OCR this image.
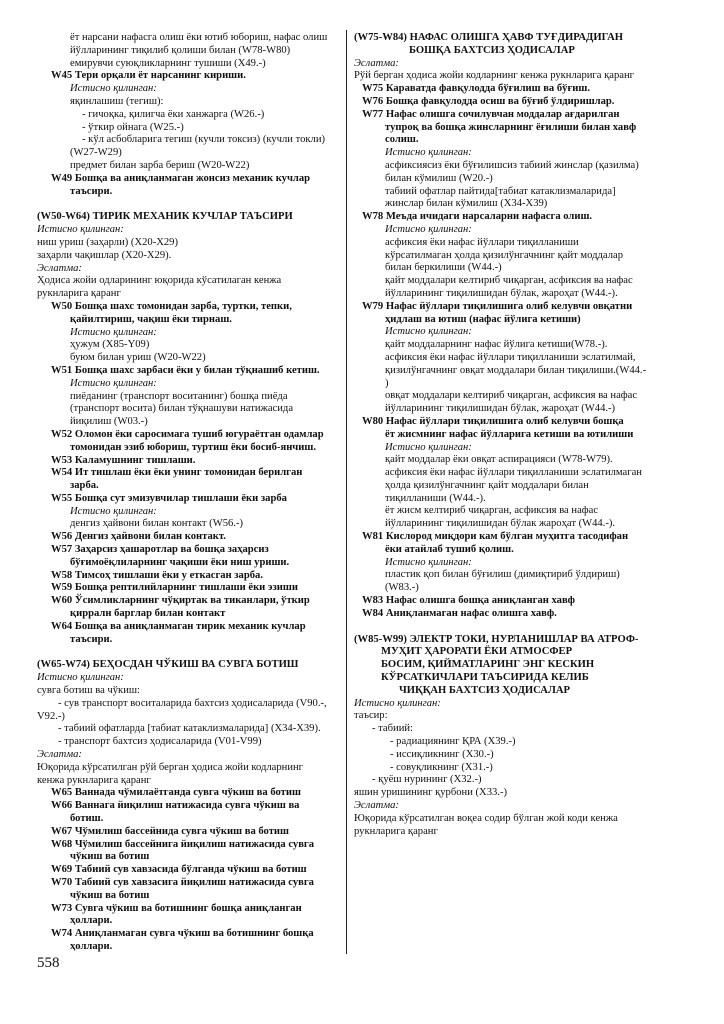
ёт нарсани нафасга олиш ёки ютиб юбориш, нафас олиш
йўлларининг тиқилиб қолиши билан (W78-W80)
емирувчи суюқликларнинг тушиши (X49.-)
W45 Тери орқали ёт нарсанинг кириши.
Истисно қилинган:
яқинлашиш (тегиш):
- гичоқка, қилигча ёки ханжарга (W26.-)
- ўткир ойнага (W25.-)
- кўл асбобларига тегиш (кучли токсиз) (кучли токли)
(W27-W29)
предмет билан зарба бериш (W20-W22)
W49 Бошқа ва аниқланмаган жонсиз механик кучлар
таъсири.
(W50-W64) ТИРИК МЕХАНИК КУЧЛАР ТАЪСИРИ
Истисно қилинган:
ниш уриш (заҳарли) (X20-X29)
заҳарли чақишлар (X20-X29).
Эслатма:
Ҳодиса жойи одларининг юқорида кўсатилаган кенжа
рукнларига қаранг
W50 Бошқа шахс томонидан зарба, туртки, тепки,
қайилтириш, чақиш ёки тирнаш.
Истисно қилинган:
ҳужум (X85-Y09)
буюм билан уриш (W20-W22)
W51 Бошқа шахс зарбаси ёки у билан тўқнашиб кетиш.
Истисно қилинган:
пиёданинг (транспорт воситанинг) бошқа пиёда
(транспорт восита) билан тўқнашуви натижасида
йиқилиш (W03.-)
W52 Оломон ёки саросимага тушиб югураётган одамлар
томонидан эзиб юбориш, туртиш ёки босиб-янчиш.
W53 Каламушнинг тишлаши.
W54 Ит тишлаш ёки ёки унинг томонидан берилган
зарба.
W55 Бошқа сут эмизувчилар тишлаши ёки зарба
Истисно қилинган:
денгиз ҳайвони билан контакт (W56.-)
W56 Денгиз ҳайвони билан контакт.
W57 Заҳарсиз ҳашаротлар ва бошқа заҳарсиз
бўғимоёқлиларнинг чақиши ёки ниш уриши.
W58 Тимсоҳ тишлаши ёки у еткасган зарба.
W59 Бошқа рептилийларнинг тишлаши ёки эзиши
W60 Ўсимликларнинг чўқиртак ва тиканлари, ўткир
қирралн барглар билан контакт
W64 Бошқа ва аниқланмаган тирик механик кучлар
таъсири.
(W65-W74) БЕҲОСДАН ЧЎКИШ ВА СУВГА БОТИШ
Истисно қилинган:
сувга ботиш ва чўкиш:
- сув транспорт воситаларида бахтсиз ҳодисаларида (V90.-,
V92.-)
- табиий офатларда [табиат катаклизмаларида] (X34-X39).
- транспорт бахтсиз ҳодисаларида (V01-V99)
Эслатма:
Юқорида кўрсатилган рўй берган ҳодиса жойи кодларнинг
кенжа рукнларига қаранг
W65 Ваннада чўмилаётганда сувга чўкиш ва ботиш
W66 Ваннага йиқилиш натижасида сувга чўкиш ва
ботиш.
W67 Чўмилиш бассейнида сувга чўкиш ва ботиш
W68 Чўмилиш бассейнига йиқилиш натижасида сувга
чўкиш ва ботиш
W69 Табиий сув хавзасида бўлганда чўкиш ва ботиш
W70 Табиий сув хавзасига йиқилиш натижасида сувга
чўкиш ва ботиш
W73 Сувга чўкиш ва ботишнинг бошқа аниқланган
ҳоллари.
W74 Аниқланмаган сувга чўкиш ва ботишнинг бошқа
ҳоллари.
(W75-W84) НАФАС ОЛИШГА ҲАВФ ТУҒДИРАДИГАН
БОШҚА БАХТСИЗ ҲОДИСАЛАР
Эслатма:
Рўй берган ҳодиса жойи кодларнинг кенжа рукнларига қаранг
W75 Караватда фавқулодда бўғилиш ва бўғиш.
W76 Бошқа фавқулодда осиш ва бўғиб ўлдиришлар.
W77 Нафас олишга сочилувчан моддалар ағдарилган
тупроқ ва бошқа жинсларнинг ёғилиши билан хавф
солиш.
Истисно қилинган:
асфиксиясиз ёки бўғилишсиз табиий жинслар (қазилма)
билан кўмилиш (W20.-)
табиий офатлар пайтида[табиат катаклизмаларида]
жинслар билан кўмилиш (X34-X39)
W78 Меъда ичидаги нарсаларни нафасга олиш.
Истисно қилинган:
асфиксия ёки нафас йўллари тиқилланиши
кўрсатилмаган ҳолда қизилўнгачнинг қайт моддалар
билан беркилиши (W44.-)
қайт моддалари келтириб чиқарган, асфиксия ва нафас
йўлларининг тиқилишидан бўлак, жароҳат (W44.-).
W79 Нафас йўллари тиқилишига олиб келувчи овқатни
ҳидлаш ва ютиш (нафас йўлига кетиши)
Истисно қилинган:
қайт моддаларнинг нафас йўлига кетиши(W78.-).
асфиксия ёки нафас йўллари тиқилланиши эслатилмай,
қизилўнгачнинг овқат моддалари билан тиқилиши.(W44.-
)
овқат моддалари келтириб чиқарган, асфиксия ва нафас
йўлларининг тиқилишидан бўлак, жароҳат (W44.-)
W80 Нафас йўллари тиқилишига олиб келувчи бошқа
ёт жисмнинг нафас йўлларига кетиши ва ютилиши
Истисно қилинган:
қайт моддалар ёки овқат аспирацияси (W78-W79).
асфиксия ёки нафас йўллари тиқилланиши эслатилмаган
ҳолда қизилўнгачнинг қайт моддалари билан
тиқилланиши (W44.-).
ёт жисм келтириб чиқарган, асфиксия ва нафас
йўлларининг тиқилишидан бўлак жароҳат (W44.-).
W81 Кислород миқдори кам бўлган муҳитга тасодифан
ёки атайлаб тушиб қолиш.
Истисно қилинган:
пластик қоп билан бўғилиш (димиқтириб ўлдириш)
(W83.-)
W83 Нафас олишга бошқа аниқланган хавф
W84 Аниқланмаган нафас олишга хавф.
(W85-W99) ЭЛЕКТР ТОКИ, НУРЛАНИШЛАР ВА АТРОФ-
МУҲИТ ҲАРОРАТИ ЁКИ АТМОСФЕР
БОСИМ, ҚИЙМАТЛАРИНГ ЭНГ КЕСКИН
КЎРСАТКИЧЛАРИ ТАЪСИРИДА КЕЛИБ
ЧИҚҚАН БАХТСИЗ ҲОДИСАЛАР
Истисно қилинган:
таъсир:
- табиий:
- радиациянинг ҚРА (X39.-)
- иссиқликнинг (X30.-)
- совуқликнинг (X31.-)
- қуёш нурининг (X32.-)
яшин уришининг қурбони (X33.-)
Эслатма:
Юқорида кўрсатилган воқеа содир бўлган жой коди кенжа
рукнларига қаранг
558
